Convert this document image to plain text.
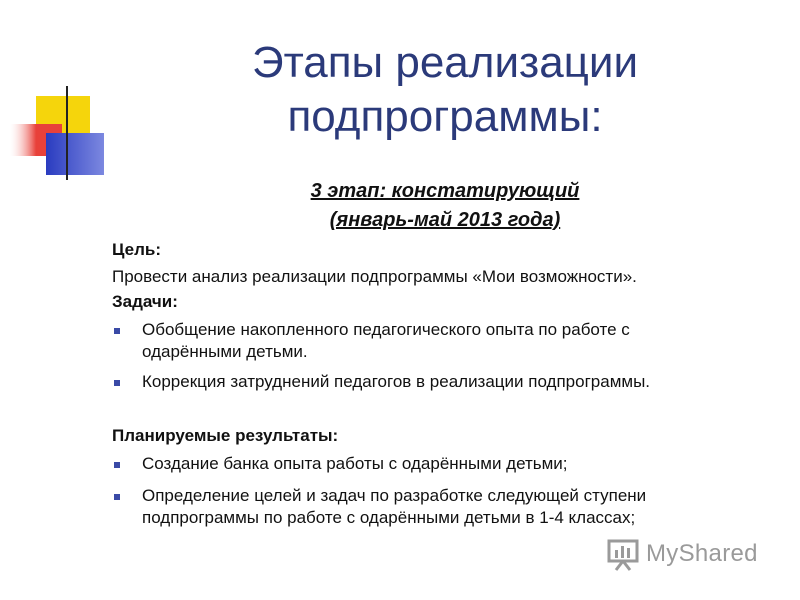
Этапы реализации
подпрограммы:
3 этап: констатирующий
(январь-май 2013 года)
Цель:
Провести анализ реализации подпрограммы «Мои возможности».
Задачи:
Обобщение накопленного педагогического опыта по работе с
одарёнными детьми.
Коррекция затруднений педагогов в реализации подпрограммы.
Планируемые результаты:
Создание банка опыта работы с одарёнными детьми;
Определение целей и задач по разработке следующей ступени
подпрограммы по работе с одарёнными детьми в 1-4 классах;
MyShared
